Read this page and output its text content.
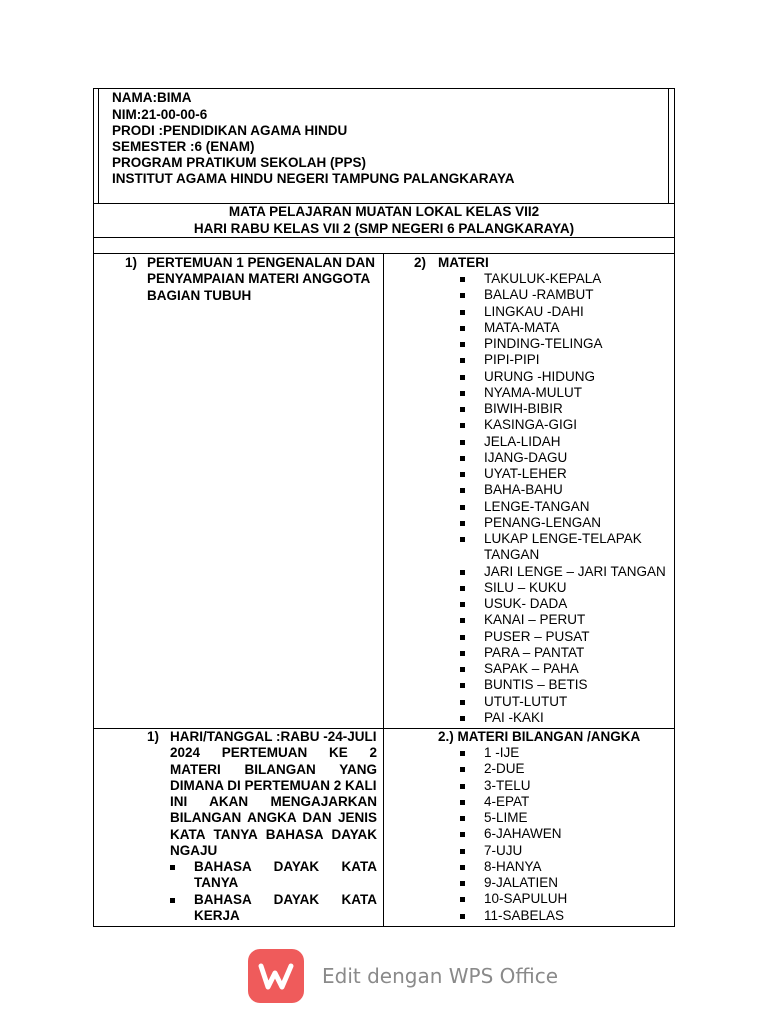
NAMA:BIMA
NIM:21-00-00-6
PRODI :PENDIDIKAN AGAMA HINDU
SEMESTER :6 (ENAM)
PROGRAM PRATIKUM SEKOLAH (PPS)
INSTITUT AGAMA HINDU NEGERI TAMPUNG PALANGKARAYA
MATA PELAJARAN MUATAN LOKAL KELAS VII2
HARI RABU KELAS VII 2 (SMP NEGERI 6 PALANGKARAYA)
1) PERTEMUAN 1 PENGENALAN DAN
PENYAMPAIAN MATERI ANGGOTA
BAGIAN TUBUH
2) MATERI
TAKULUK-KEPALA
BALAU -RAMBUT
LINGKAU -DAHI
MATA-MATA
PINDING-TELINGA
PIPI-PIPI
URUNG -HIDUNG
NYAMA-MULUT
BIWIH-BIBIR
KASINGA-GIGI
JELA-LIDAH
IJANG-DAGU
UYAT-LEHER
BAHA-BAHU
LENGE-TANGAN
PENANG-LENGAN
LUKAP LENGE-TELAPAK
TANGAN
JARI LENGE – JARI TANGAN
SILU – KUKU
USUK- DADA
KANAI – PERUT
PUSER – PUSAT
PARA – PANTAT
SAPAK – PAHA
BUNTIS – BETIS
UTUT-LUTUT
PAI -KAKI
1) HARI/TANGGAL :RABU -24-JULI
2024 PERTEMUAN KE 2
MATERI BILANGAN YANG
DIMANA DI PERTEMUAN 2 KALI
INI AKAN MENGAJARKAN
BILANGAN ANGKA DAN JENIS
KATA TANYA BAHASA DAYAK
NGAJU
BAHASA DAYAK KATA
TANYA
BAHASA DAYAK KATA
KERJA
2.) MATERI BILANGAN /ANGKA
1 -IJE
2-DUE
3-TELU
4-EPAT
5-LIME
6-JAHAWEN
7-UJU
8-HANYA
9-JALATIEN
10-SAPULUH
11-SABELAS
Edit dengan WPS Office
